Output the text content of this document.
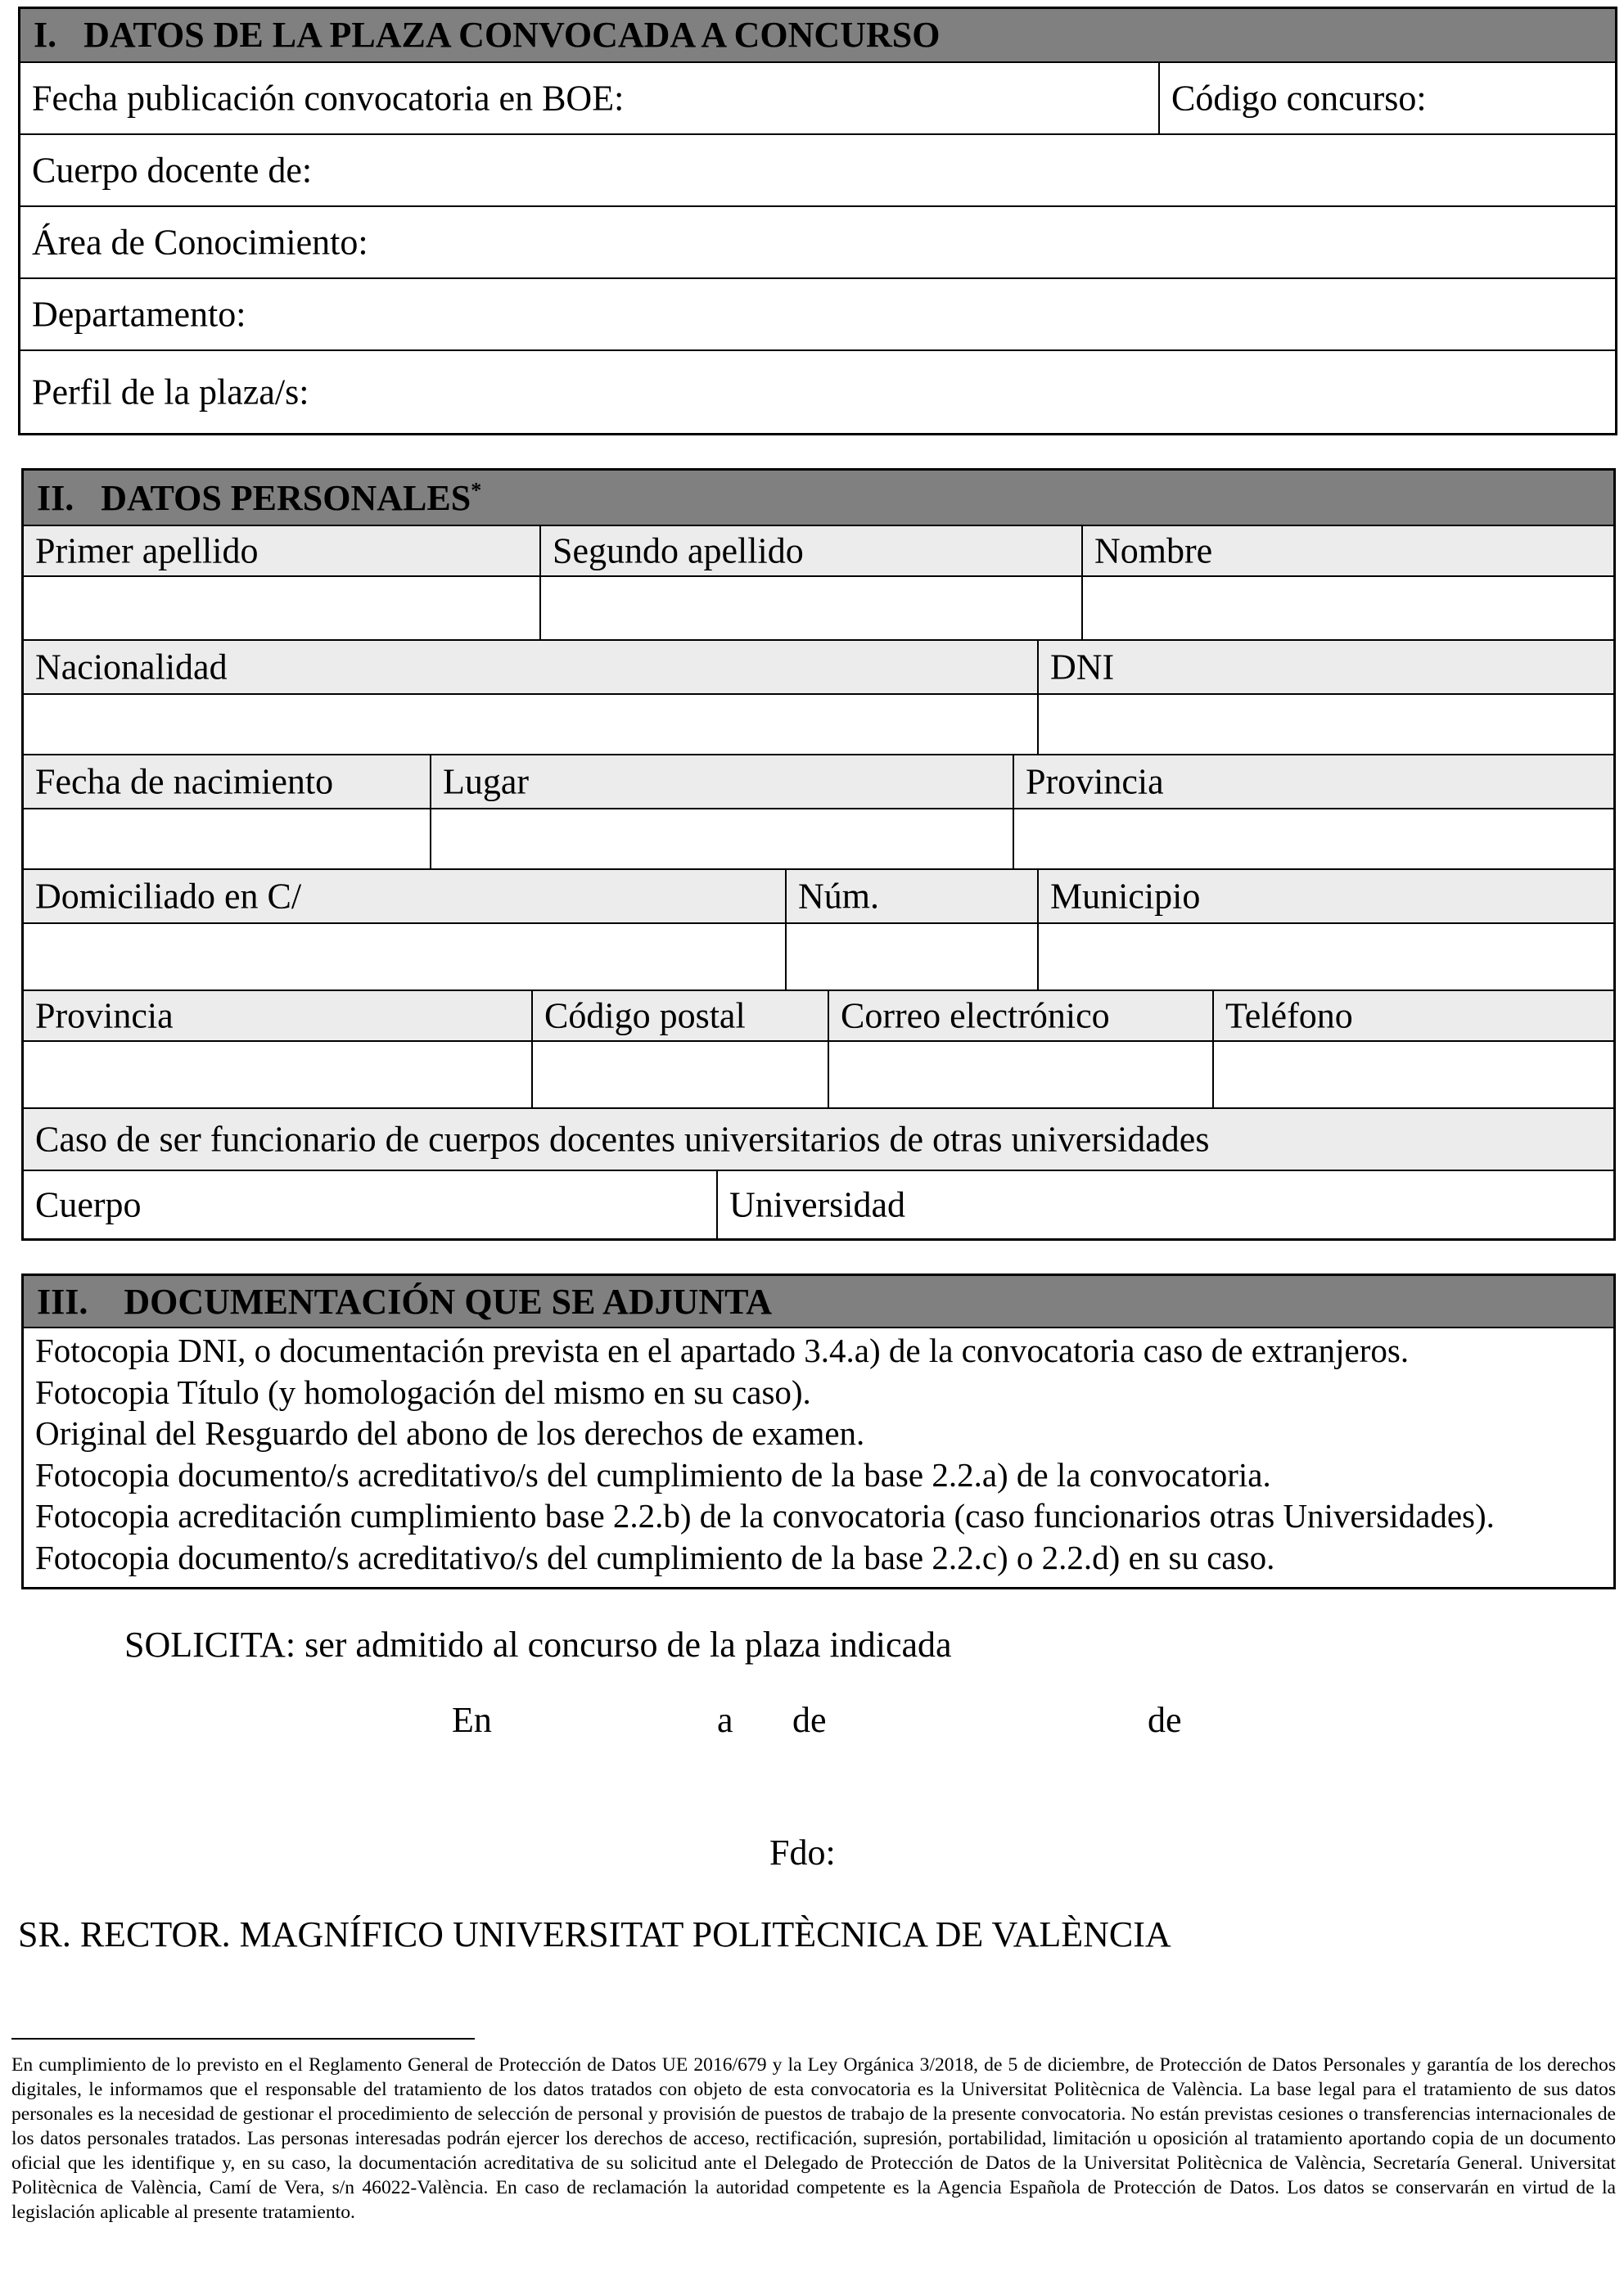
I. DATOS DE LA PLAZA CONVOCADA A CONCURSO
Fecha publicación convocatoria en BOE:	Código concurso:
Cuerpo docente de:
Área de Conocimiento:
Departamento:
Perfil de la plaza/s:
II. DATOS PERSONALES*
Primer apellido	Segundo apellido	Nombre
Nacionalidad	DNI
Fecha de nacimiento	Lugar	Provincia
Domiciliado en C/	Núm.	Municipio
Provincia	Código postal	Correo electrónico	Teléfono
Caso de ser funcionario de cuerpos docentes universitarios de otras universidades
Cuerpo	Universidad
III. DOCUMENTACIÓN QUE SE ADJUNTA
Fotocopia DNI, o documentación prevista en el apartado 3.4.a) de la convocatoria caso de extranjeros.
Fotocopia Título (y homologación del mismo en su caso).
Original del Resguardo del abono de los derechos de examen.
Fotocopia documento/s acreditativo/s del cumplimiento de la base 2.2.a) de la convocatoria.
Fotocopia acreditación cumplimiento base 2.2.b) de la convocatoria (caso funcionarios otras Universidades).
Fotocopia documento/s acreditativo/s del cumplimiento de la base 2.2.c) o 2.2.d) en su caso.
SOLICITA: ser admitido al concurso de la plaza indicada
En	a de	de
Fdo:
SR. RECTOR. MAGNÍFICO UNIVERSITAT POLITÈCNICA DE VALÈNCIA
En cumplimiento de lo previsto en el Reglamento General de Protección de Datos UE 2016/679 y la Ley Orgánica 3/2018, de 5 de diciembre, de Protección de Datos Personales y garantía de los derechos digitales, le informamos que el responsable del tratamiento de los datos tratados con objeto de esta convocatoria es la Universitat Politècnica de València. La base legal para el tratamiento de sus datos personales es la necesidad de gestionar el procedimiento de selección de personal y provisión de puestos de trabajo de la presente convocatoria. No están previstas cesiones o transferencias internacionales de los datos personales tratados. Las personas interesadas podrán ejercer los derechos de acceso, rectificación, supresión, portabilidad, limitación u oposición al tratamiento aportando copia de un documento oficial que les identifique y, en su caso, la documentación acreditativa de su solicitud ante el Delegado de Protección de Datos de la Universitat Politècnica de València, Secretaría General. Universitat Politècnica de València, Camí de Vera, s/n 46022-València. En caso de reclamación la autoridad competente es la Agencia Española de Protección de Datos. Los datos se conservarán en virtud de la legislación aplicable al presente tratamiento.
